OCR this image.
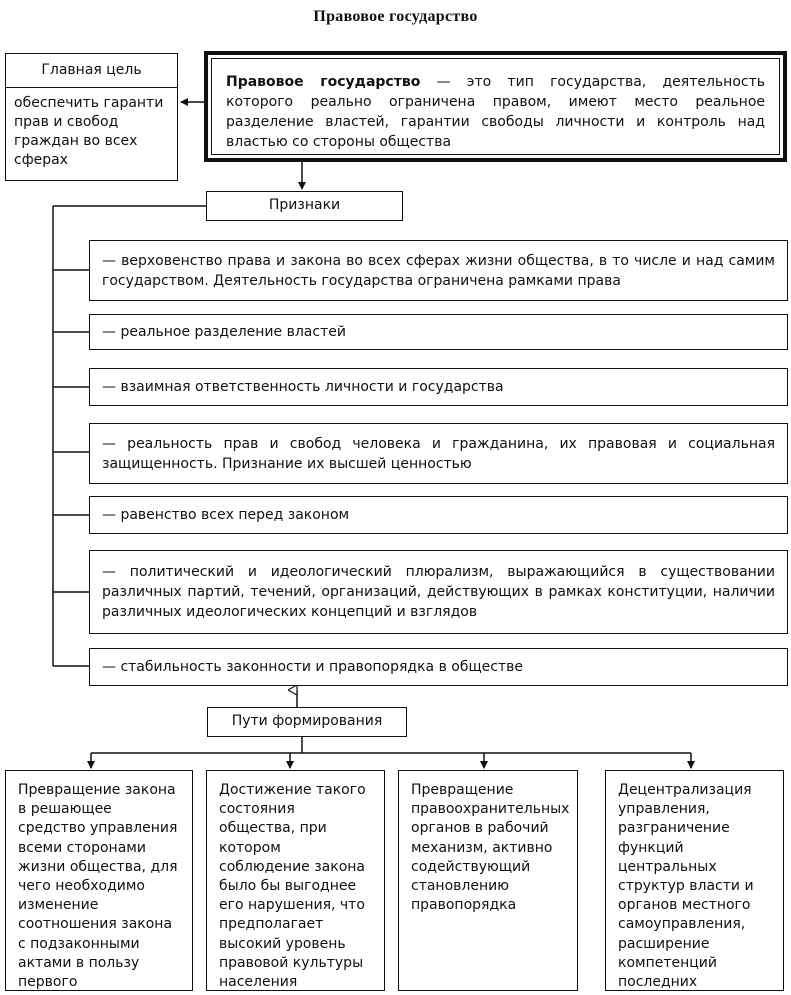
Правовое государство
Главная цель
обеспечить гаранти прав и свобод граждан во всех сферах
Правовое государство — это тип государства, деятельность которого реально ограничена правом, имеют место реальное разделение властей, гарантии свободы личности и контроль над властью со стороны общества
Признаки
— верховенство права и закона во всех сферах жизни общества, в то числе и над самим государством. Деятельность государства ограничена рамками права
— реальное разделение властей
— взаимная ответственность личности и государства
— реальность прав и свобод человека и гражданина, их правовая и социальная защищенность. Признание их высшей ценностью
— равенство всех перед законом
— политический и идеологический плюрализм, выражающийся в существовании различных партий, течений, организаций, действующих в рамках конституции, наличии различных идеологических концепций и взглядов
— стабильность законности и правопорядка в обществе
Пути формирования
Превращение закона в решающее средство управления всеми сторонами жизни общества, для чего необходимо изменение соотношения закона с подзаконными актами в пользу первого
Достижение такого состояния общества, при котором соблюдение закона было бы выгоднее его нарушения, что предполагает высокий уровень правовой культуры населения
Превращение правоохранительных органов в рабочий механизм, активно содействующий становлению правопорядка
Децентрализация управления, разграничение функций центральных структур власти и органов местного самоуправления, расширение компетенций последних
